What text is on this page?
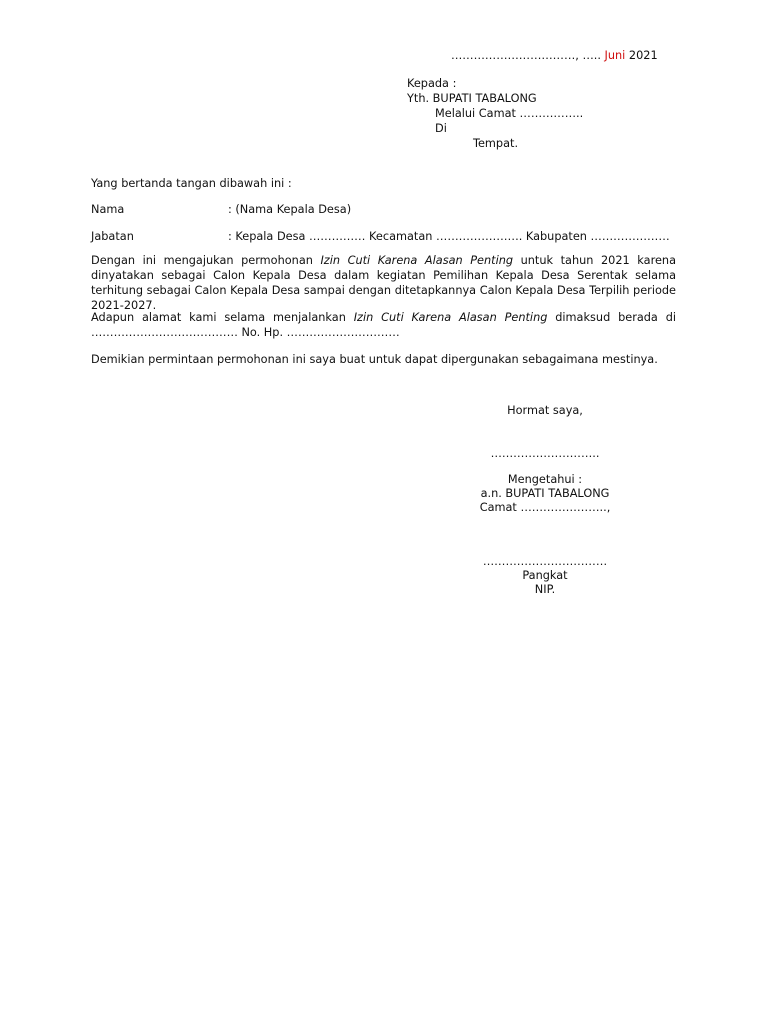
……………………………, ….. Juni 2021
Kepada :
Yth. BUPATI TABALONG
Melalui Camat ……………..
Di
Tempat.
Yang bertanda tangan dibawah ini :
Nama	: (Nama Kepala Desa)
Jabatan	: Kepala Desa …………… Kecamatan ………………….. Kabupaten …………………
Dengan ini mengajukan permohonan Izin Cuti Karena Alasan Penting untuk tahun 2021 karena dinyatakan sebagai Calon Kepala Desa dalam kegiatan Pemilihan Kepala Desa Serentak selama terhitung sebagai Calon Kepala Desa sampai dengan ditetapkannya Calon Kepala Desa Terpilih periode 2021-2027.
Adapun alamat kami selama menjalankan Izin Cuti Karena Alasan Penting dimaksud berada di ………………………………… No. Hp. …………………………
Demikian permintaan permohonan ini saya buat untuk dapat dipergunakan sebagaimana mestinya.
Hormat saya,
………………………..
Mengetahui :
a.n. BUPATI TABALONG
Camat …………………..,
……………………………
Pangkat
NIP.
